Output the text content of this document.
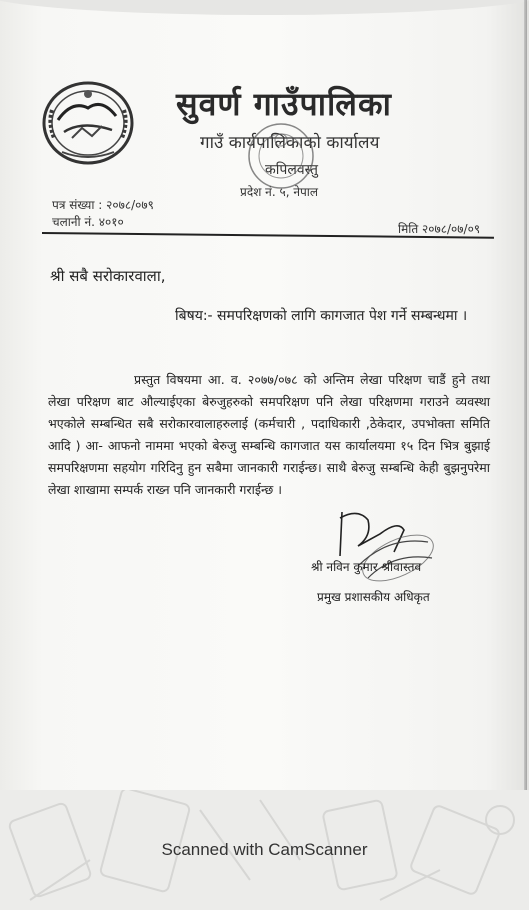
सुवर्ण गाउँपालिका
गाउँ कार्यपालिकाको कार्यालय
कपिलवस्तु
प्रदेश नं. ५, नेपाल
पत्र संख्या : २०७८/०७९
चलानी नं. ४०१०	मिति २०७८/०७/०९
श्री सबै सरोकारवाला,
बिषय:- समपरिक्षणको लागि कागजात पेश गर्ने सम्बन्धमा ।
प्रस्तुत विषयमा आ. व. २०७७/०७८ को अन्तिम लेखा परिक्षण चाडैं हुने तथा लेखा परिक्षण बाट औल्याईएका बेरुजुहरुको समपरिक्षण पनि लेखा परिक्षणमा गराउने व्यवस्था भएकोले सम्बन्धित सबै सरोकारवालाहरुलाई (कर्मचारी , पदाधिकारी ,ठेकेदार, उपभोक्ता समिति आदि ) आ- आफनो नाममा भएको बेरुजु सम्बन्धि कागजात यस कार्यालयमा १५ दिन भित्र बुझाई समपरिक्षणमा सहयोग गरिदिनु हुन सबैमा जानकारी गराईन्छ। साथै बेरुजु सम्बन्धि केही बुझनुपरेमा लेखा शाखामा सम्पर्क राख्न पनि जानकारी गराईन्छ ।
श्री नविन कुमार श्रीवास्तव
प्रमुख प्रशासकीय अधिकृत
Scanned with CamScanner
